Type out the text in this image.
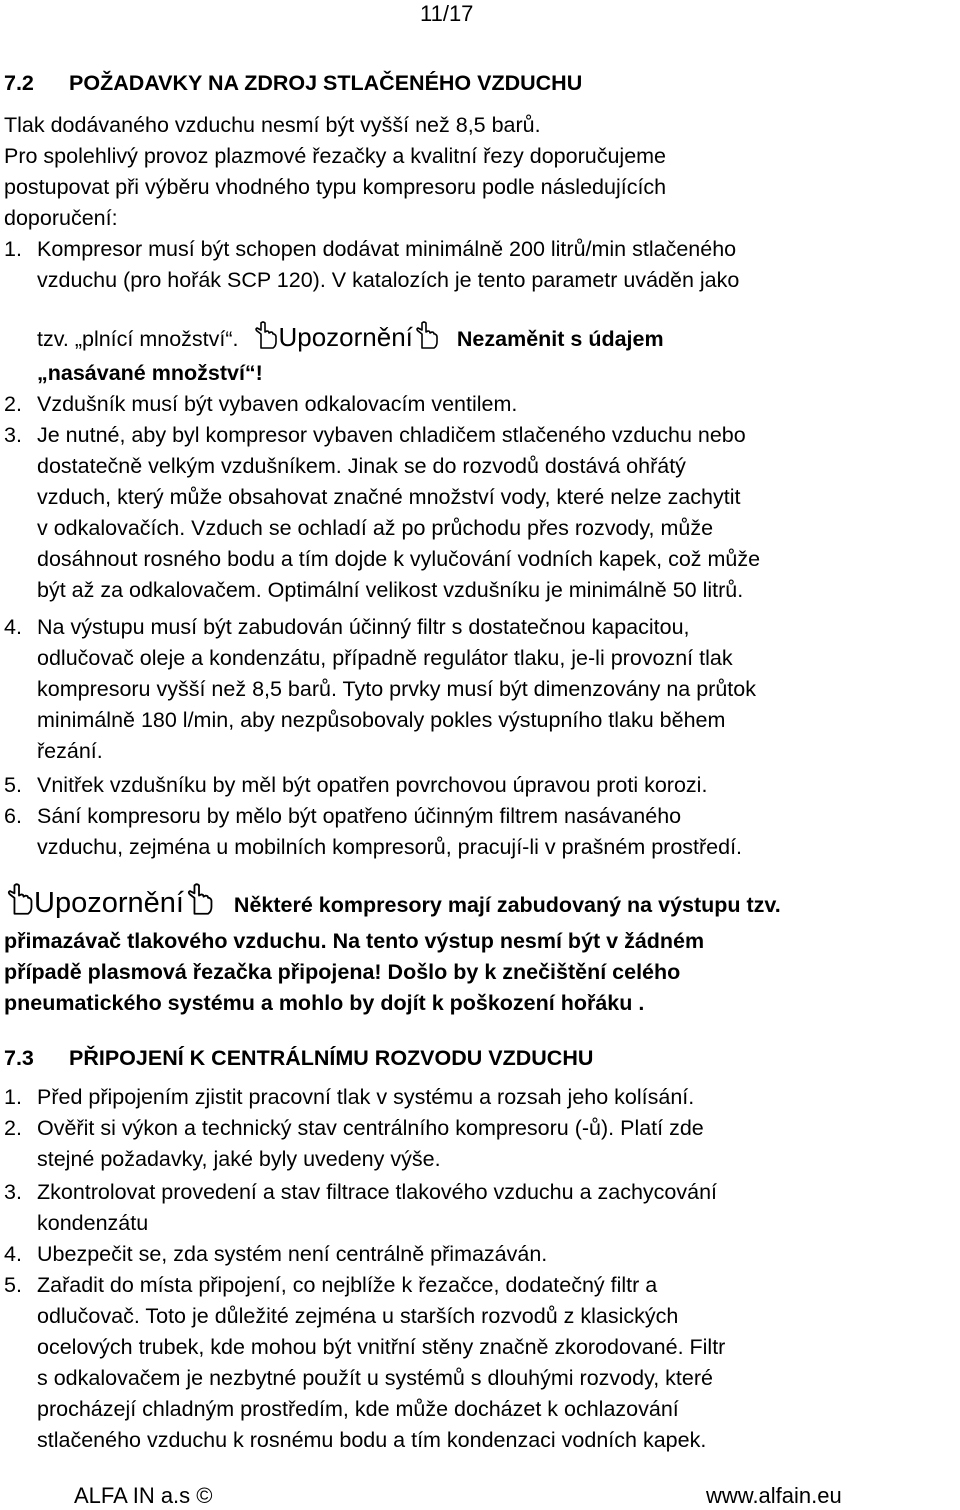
11/17
7.2 POŽADAVKY NA ZDROJ STLAČENÉHO VZDUCHU
Tlak dodávaného vzduchu nesmí být vyšší než 8,5 barů.
Pro spolehlivý provoz plazmové řezačky a kvalitní řezy doporučujeme
postupovat při výběru vhodného typu kompresoru podle následujících
doporučení:
1. Kompresor musí být schopen dodávat minimálně 200 litrů/min stlačeného
vzduchu (pro hořák SCP 120). V katalozích je tento parametr uváděn jako
tzv. „plnící množství“. Upozornění Nezaměnit s údajem
„nasávané množství“!
2. Vzdušník musí být vybaven odkalovacím ventilem.
3. Je nutné, aby byl kompresor vybaven chladičem stlačeného vzduchu nebo
dostatečně velkým vzdušníkem. Jinak se do rozvodů dostává ohřátý
vzduch, který může obsahovat značné množství vody, které nelze zachytit
v odkalovačích. Vzduch se ochladí až po průchodu přes rozvody, může
dosáhnout rosného bodu a tím dojde k vylučování vodních kapek, což může
být až za odkalovačem. Optimální velikost vzdušníku je minimálně 50 litrů.
4. Na výstupu musí být zabudován účinný filtr s dostatečnou kapacitou,
odlučovač oleje a kondenzátu, případně regulátor tlaku, je-li provozní tlak
kompresoru vyšší než 8,5 barů. Tyto prvky musí být dimenzovány na průtok
minimálně 180 l/min, aby nezpůsobovaly pokles výstupního tlaku během
řezání.
5. Vnitřek vzdušníku by měl být opatřen povrchovou úpravou proti korozi.
6. Sání kompresoru by mělo být opatřeno účinným filtrem nasávaného
vzduchu, zejména u mobilních kompresorů, pracují-li v prašném prostředí.
Upozornění Některé kompresory mají zabudovaný na výstupu tzv.
přimazávač tlakového vzduchu. Na tento výstup nesmí být v žádném
případě plasmová řezačka připojena! Došlo by k znečištění celého
pneumatického systému a mohlo by dojít k poškození hořáku .
7.3 PŘIPOJENÍ K CENTRÁLNÍMU ROZVODU VZDUCHU
1. Před připojením zjistit pracovní tlak v systému a rozsah jeho kolísání.
2. Ověřit si výkon a technický stav centrálního kompresoru (-ů). Platí zde
stejné požadavky, jaké byly uvedeny výše.
3. Zkontrolovat provedení a stav filtrace tlakového vzduchu a zachycování
kondenzátu
4. Ubezpečit se, zda systém není centrálně přimazáván.
5. Zařadit do místa připojení, co nejblíže k řezačce, dodatečný filtr a
odlučovač. Toto je důležité zejména u starších rozvodů z klasických
ocelových trubek, kde mohou být vnitřní stěny značně zkorodované. Filtr
s odkalovačem je nezbytné použít u systémů s dlouhými rozvody, které
procházejí chladným prostředím, kde může docházet k ochlazování
stlačeného vzduchu k rosnému bodu a tím kondenzaci vodních kapek.
ALFA IN a.s ©	www.alfain.eu
